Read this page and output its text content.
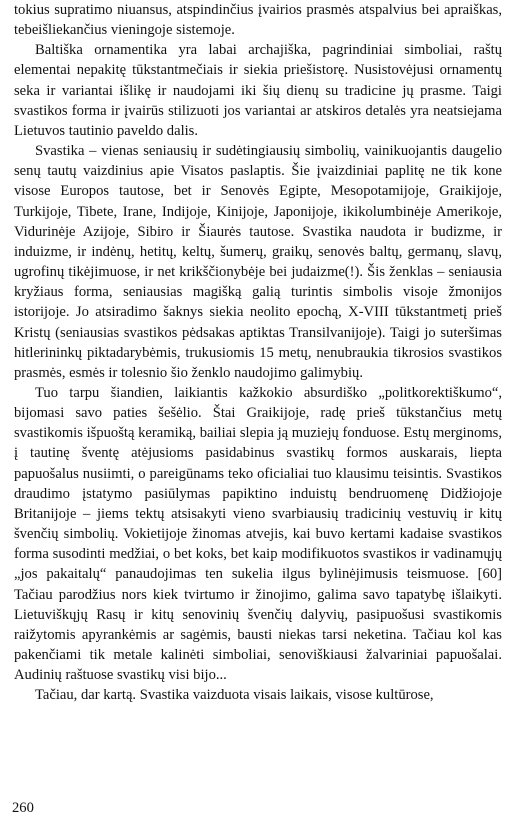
tokius supratimo niuansus, atspindinčius įvairios prasmės atspalvius bei apraiškas, tebeišliekančius vieningoje sistemoje.

Baltiška ornamentika yra labai archajiška, pagrindiniai simboliai, raštų elementai nepakitę tūkstantmečiais ir siekia priešistorę. Nusistovėjusi ornamentų seka ir variantai išlikę ir naudojami iki šių dienų su tradicine jų prasme. Taigi svastikos forma ir įvairūs stilizuoti jos variantai ar atskiros detalės yra neatsiejama Lietuvos tautinio paveldo dalis.

Svastika – vienas seniausių ir sudėtingiausių simbolių, vainikuojantis daugelio senų tautų vaizdinius apie Visatos paslaptis. Šie įvaizdiniai paplitę ne tik kone visose Europos tautose, bet ir Senovės Egipte, Mesopotamijoje, Graikijoje, Turkijoje, Tibete, Irane, Indijoje, Kinijoje, Japonijoje, ikikolumbinėje Amerikoje, Vidurinėje Azijoje, Sibiro ir Šiaurės tautose. Svastika naudota ir budizme, ir induizme, ir indėnų, hetitų, keltų, šumerų, graikų, senovės baltų, germanų, slavų, ugrofinų tikėjimuose, ir net krikščionybėje bei judaizme(!). Šis ženklas – seniausia kryžiaus forma, seniausias magišką galią turintis simbolis visoje žmonijos istorijoje. Jo atsiradimo šaknys siekia neolito epochą, X-VIII tūkstantmetį prieš Kristų (seniausias svastikos pėdsakas aptiktas Transilvanijoje). Taigi jo suteršimas hitlerininkų piktadarybėmis, trukusiomis 15 metų, nenubraukia tikrosios svastikos prasmės, esmės ir tolesnio šio ženklo naudojimo galimybių.

Tuo tarpu šiandien, laikiantis kažkokio absurdiško „politkorektiškumo“, bijomasi savo paties šešėlio. Štai Graikijoje, radę prieš tūkstančius metų svastikomis išpuoštą keramiką, bailiai slepia ją muziejų fonduose. Estų merginoms, į tautinę šventę atėjusioms pasidabinus svastikų formos auskarais, liepta papuošalus nusiimti, o pareigūnams teko oficialiai tuo klausimu teisintis. Svastikos draudimo įstatymo pasiūlymas papiktino induistų bendruomenę Didžiojoje Britanijoje – jiems tektų atsisakyti vieno svarbiausių tradicinių vestuvių ir kitų švenčių simbolių. Vokietijoje žinomas atvejis, kai buvo kertami kadaise svastikos forma susodinti medžiai, o bet koks, bet kaip modifikuotos svastikos ir vadinamųjų „jos pakaitalų“ panaudojimas ten sukelia ilgus bylinėjimusis teismuose. [60] Tačiau parodžius nors kiek tvirtumo ir žinojimo, galima savo tapatybę išlaikyti. Lietuviškųjų Rasų ir kitų senovinių švenčių dalyvių, pasipuošusi svastikomis raižytomis apyrankėmis ar sagėmis, bausti niekas tarsi neketina. Tačiau kol kas pakenčiami tik metale kalinėti simboliai, senoviškiausi žalvariniai papuošalai. Audinių raštuose svastikų visi bijo...

Tačiau, dar kartą. Svastika vaizduota visais laikais, visose kultūrose,

260
